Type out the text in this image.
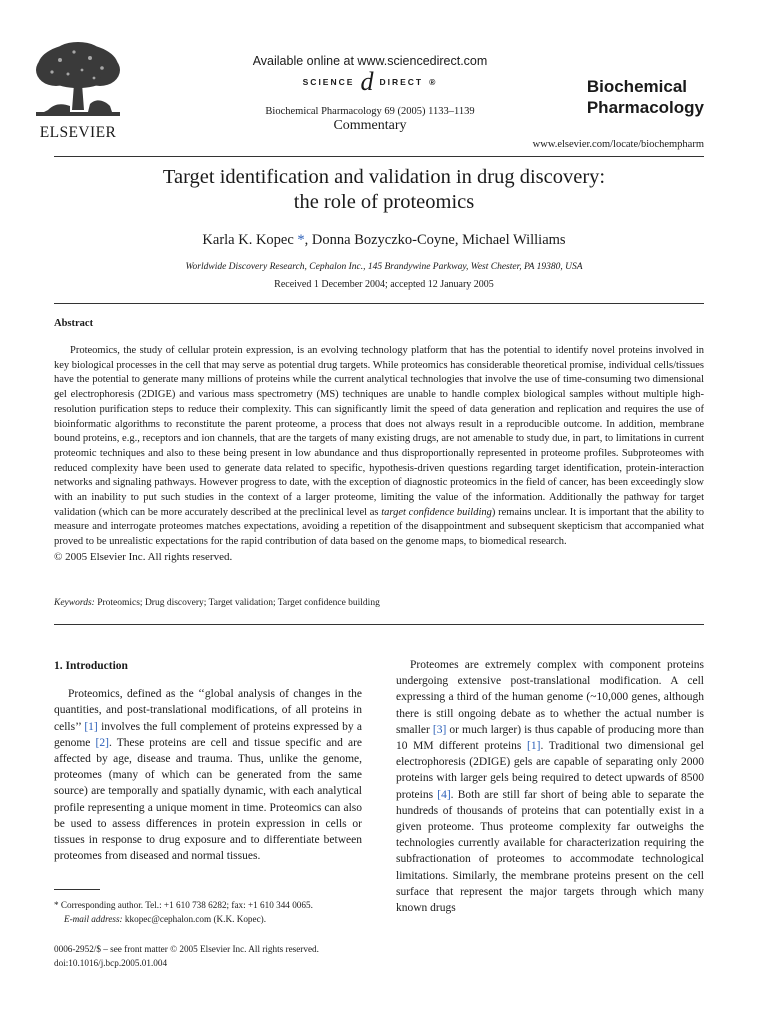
ELSEVIER
Available online at www.sciencedirect.com
SCIENCE d DIRECT ®
Biochemical Pharmacology 69 (2005) 1133–1139
Commentary
Biochemical
Pharmacology
www.elsevier.com/locate/biochempharm
Target identification and validation in drug discovery:
the role of proteomics
Karla K. Kopec *, Donna Bozyczko-Coyne, Michael Williams
Worldwide Discovery Research, Cephalon Inc., 145 Brandywine Parkway, West Chester, PA 19380, USA
Received 1 December 2004; accepted 12 January 2005
Abstract

Proteomics, the study of cellular protein expression, is an evolving technology platform that has the potential to identify novel proteins involved in key biological processes in the cell that may serve as potential drug targets. While proteomics has considerable theoretical promise, individual cells/tissues have the potential to generate many millions of proteins while the current analytical technologies that involve the use of time-consuming two dimensional gel electrophoresis (2DIGE) and various mass spectrometry (MS) techniques are unable to handle complex biological samples without multiple high-resolution purification steps to reduce their complexity. This can significantly limit the speed of data generation and replication and requires the use of bioinformatic algorithms to reconstitute the parent proteome, a process that does not always result in a reproducible outcome. In addition, membrane bound proteins, e.g., receptors and ion channels, that are the targets of many existing drugs, are not amenable to study due, in part, to limitations in current proteomic techniques and also to these being present in low abundance and thus disproportionally represented in proteome profiles. Subproteomes with reduced complexity have been used to generate data related to specific, hypothesis-driven questions regarding target identification, protein-interaction networks and signaling pathways. However progress to date, with the exception of diagnostic proteomics in the field of cancer, has been exceedingly slow with an inability to put such studies in the context of a larger proteome, limiting the value of the information. Additionally the pathway for target validation (which can be more accurately described at the preclinical level as target confidence building) remains unclear. It is important that the ability to measure and interrogate proteomes matches expectations, avoiding a repetition of the disappointment and subsequent skepticism that accompanied what proved to be unrealistic expectations for the rapid contribution of data based on the genome maps, to biomedical research.

© 2005 Elsevier Inc. All rights reserved.
Keywords: Proteomics; Drug discovery; Target validation; Target confidence building
1. Introduction

Proteomics, defined as the ‘‘global analysis of changes in the quantities, and post-translational modifications, of all proteins in cells’’ [1] involves the full complement of proteins expressed by a genome [2]. These proteins are cell and tissue specific and are affected by age, disease and trauma. Thus, unlike the genome, proteomes (many of which can be generated from the same source) are temporally and spatially dynamic, with each analytical profile representing a unique moment in time. Proteomics can also be used to assess differences in protein expression in cells or tissues in response to drug exposure and to differentiate between proteomes from diseased and normal tissues.

Proteomes are extremely complex with component proteins undergoing extensive post-translational modification. A cell expressing a third of the human genome (~10,000 genes, although there is still ongoing debate as to whether the actual number is smaller [3] or much larger) is thus capable of producing more than 10 MM different proteins [1]. Traditional two dimensional gel electrophoresis (2DIGE) gels are capable of separating only 2000 proteins with larger gels being required to detect upwards of 8500 proteins [4]. Both are still far short of being able to separate the hundreds of thousands of proteins that can potentially exist in a given proteome. Thus proteome complexity far outweighs the technologies currently available for characterization requiring the subfractionation of proteomes to accommodate technological limitations. Similarly, the membrane proteins present on the cell surface that represent the major targets through which many known drugs

* Corresponding author. Tel.: +1 610 738 6282; fax: +1 610 344 0065.
E-mail address: kkopec@cephalon.com (K.K. Kopec).
0006-2952/$ – see front matter © 2005 Elsevier Inc. All rights reserved.
doi:10.1016/j.bcp.2005.01.004
